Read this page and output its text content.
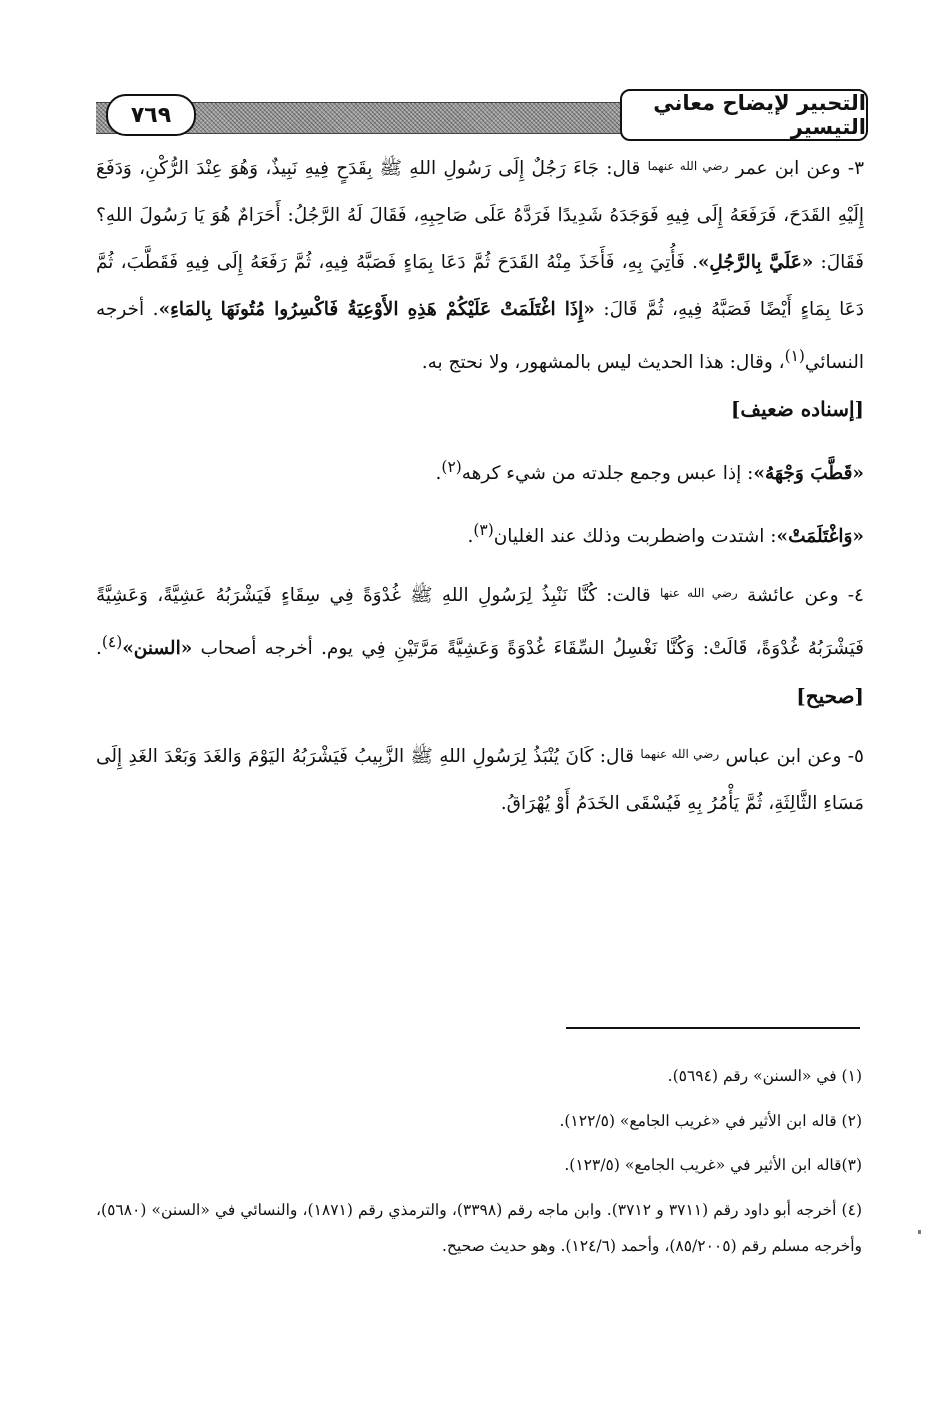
٧٦٩	التحبير لإيضاح معاني التيسير

٣- وعن ابن عمر $^{رضي الله عنهما}$ قال: جَاءَ رَجُلٌ إِلَى رَسُولِ اللهِ ﷺ بِقَدَحٍ فِيهِ نَبِيذٌ، وَهُوَ عِنْدَ الرُّكْنِ، وَدَفَعَ إِلَيْهِ القَدَحَ، فَرَفَعَهُ إِلَى فِيهِ فَوَجَدَهُ شَدِيدًا فَرَدَّهُ عَلَى صَاحِبِهِ، فَقَالَ لَهُ الرَّجُلُ: أَحَرَامٌ هُوَ يَا رَسُولَ اللهِ؟ فَقَالَ: «عَلَيَّ بِالرَّجُلِ». فَأُتِيَ بِهِ، فَأَخَذَ مِنْهُ القَدَحَ ثُمَّ دَعَا بِمَاءٍ فَصَبَّهُ فِيهِ، ثُمَّ رَفَعَهُ إِلَى فِيهِ فَقَطَّبَ، ثُمَّ دَعَا بِمَاءٍ أَيْضًا فَصَبَّهُ فِيهِ، ثُمَّ قَالَ: «إِذَا اغْتَلَمَتْ عَلَيْكُمْ هَذِهِ الأَوْعِيَةُ فَاكْسِرُوا مُتُونَهَا بِالمَاءِ». أخرجه النسائي$^{(١)}$، وقال: هذا الحديث ليس بالمشهور، ولا نحتج به.

[إسناده ضعيف]

«قَطَّبَ وَجْهَهُ»: إذا عبس وجمع جلدته من شيء كرهه$^{(٢)}$.

«وَاغْتَلَمَتْ»: اشتدت واضطربت وذلك عند الغليان$^{(٣)}$.

٤- وعن عائشة $^{رضي الله عنها}$ قالت: كُنَّا نَنْبِذُ لِرَسُولِ اللهِ ﷺ غُدْوَةً فِي سِقَاءٍ فَيَشْرَبُهُ عَشِيَّةً، وَعَشِيَّةً فَيَشْرَبُهُ غُدْوَةً، قَالَتْ: وَكُنَّا نَغْسِلُ السِّقَاءَ غُدْوَةً وَعَشِيَّةً مَرَّتَيْنِ فِي يوم. أخرجه أصحاب «السنن»$^{(٤)}$. [صحيح]

٥- وعن ابن عباس $^{رضي الله عنهما}$ قال: كَانَ يُنْبَذُ لِرَسُولِ اللهِ ﷺ الزَّبِيبُ فَيَشْرَبُهُ اليَوْمَ وَالغَدَ وَبَعْدَ الغَدِ إِلَى مَسَاءِ الثَّالِثَةِ، ثُمَّ يَأْمُرُ بِهِ فَيُسْقَى الخَدَمُ أَوْ يُهْرَاقُ.

(١) في «السنن» رقم (٥٦٩٤).

(٢) قاله ابن الأثير في «غريب الجامع» (١٢٢/٥).

(٣)قاله ابن الأثير في «غريب الجامع» (١٢٣/٥).

(٤) أخرجه أبو داود رقم (٣٧١١ و ٣٧١٢). وابن ماجه رقم (٣٣٩٨)، والترمذي رقم (١٨٧١)، والنسائي في «السنن» (٥٦٨٠)، وأخرجه مسلم رقم (٨٥/٢٠٠٥)، وأحمد (١٢٤/٦). وهو حديث صحيح.
